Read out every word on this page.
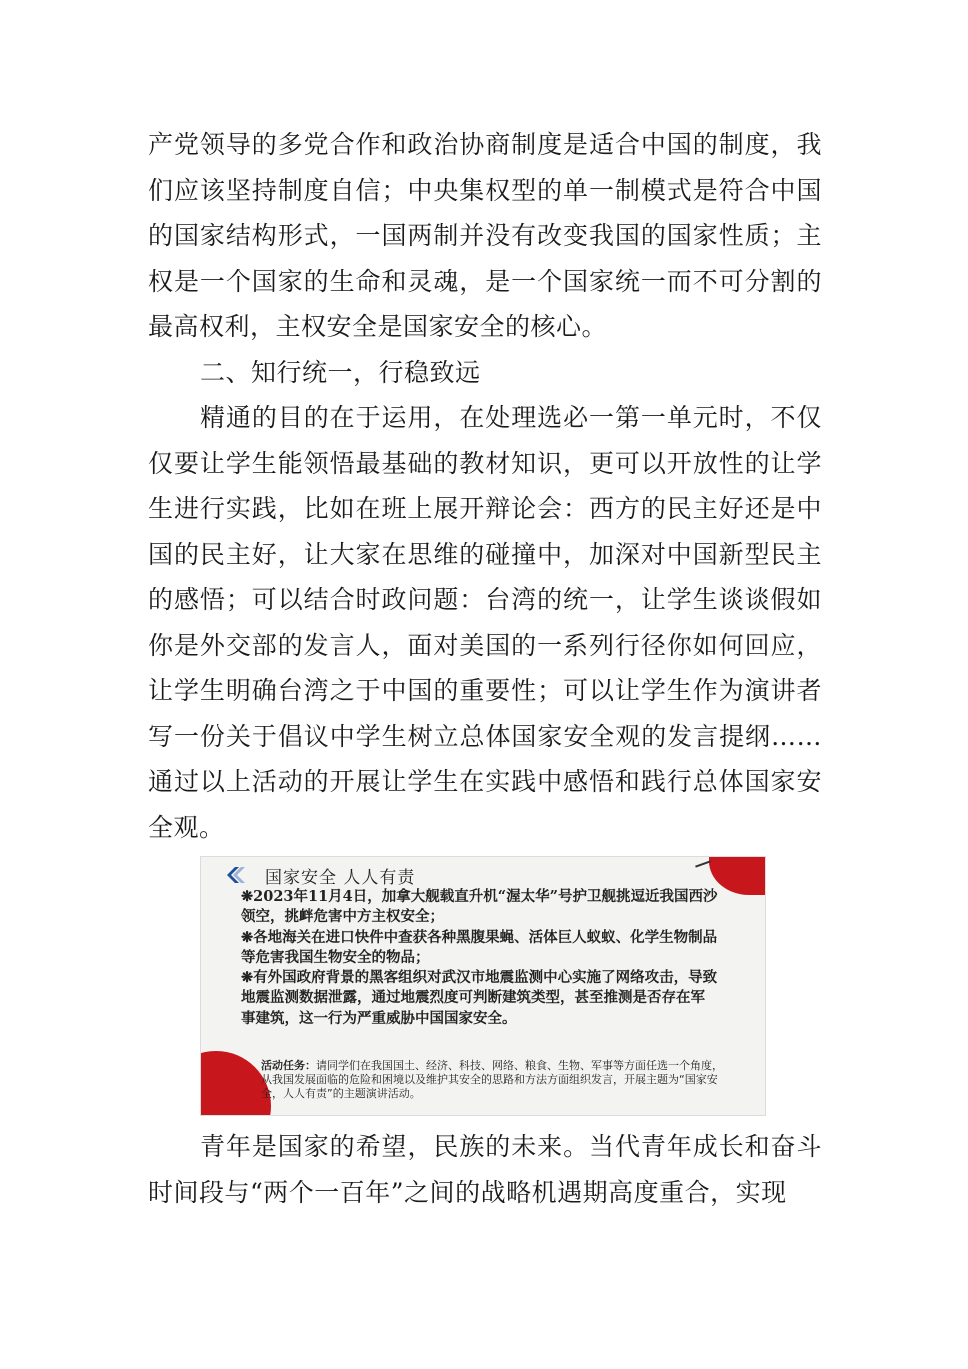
产党领导的多党合作和政治协商制度是适合中国的制度，我们应该坚持制度自信；中央集权型的单一制模式是符合中国的国家结构形式，一国两制并没有改变我国的国家性质；主权是一个国家的生命和灵魂，是一个国家统一而不可分割的最高权利，主权安全是国家安全的核心。

二、知行统一，行稳致远

精通的目的在于运用，在处理选必一第一单元时，不仅仅要让学生能领悟最基础的教材知识，更可以开放性的让学生进行实践，比如在班上展开辩论会：西方的民主好还是中国的民主好，让大家在思维的碰撞中，加深对中国新型民主的感悟；可以结合时政问题：台湾的统一，让学生谈谈假如你是外交部的发言人，面对美国的一系列行径你如何回应，让学生明确台湾之于中国的重要性；可以让学生作为演讲者写一份关于倡议中学生树立总体国家安全观的发言提纲……通过以上活动的开展让学生在实践中感悟和践行总体国家安全观。

国家安全 人人有责

❋2023年11月4日，加拿大舰载直升机“渥太华”号护卫舰挑逗近我国西沙领空，挑衅危害中方主权安全；

❋各地海关在进口快件中查获各种黑腹果蝇、活体巨人蚁蚁、化学生物制品等危害我国生物安全的物品；

❋有外国政府背景的黑客组织对武汉市地震监测中心实施了网络攻击，导致地震监测数据泄露，通过地震烈度可判断建筑类型，甚至推测是否存在军事建筑，这一行为严重威胁中国国家安全。

活动任务：请同学们在我国国土、经济、科技、网络、粮食、生物、军事等方面任选一个角度，从我国发展面临的危险和困境以及维护其安全的思路和方法方面组织发言，开展主题为“国家安全，人人有责”的主题演讲活动。

青年是国家的希望，民族的未来。当代青年成长和奋斗时间段与“两个一百年”之间的战略机遇期高度重合，实现
